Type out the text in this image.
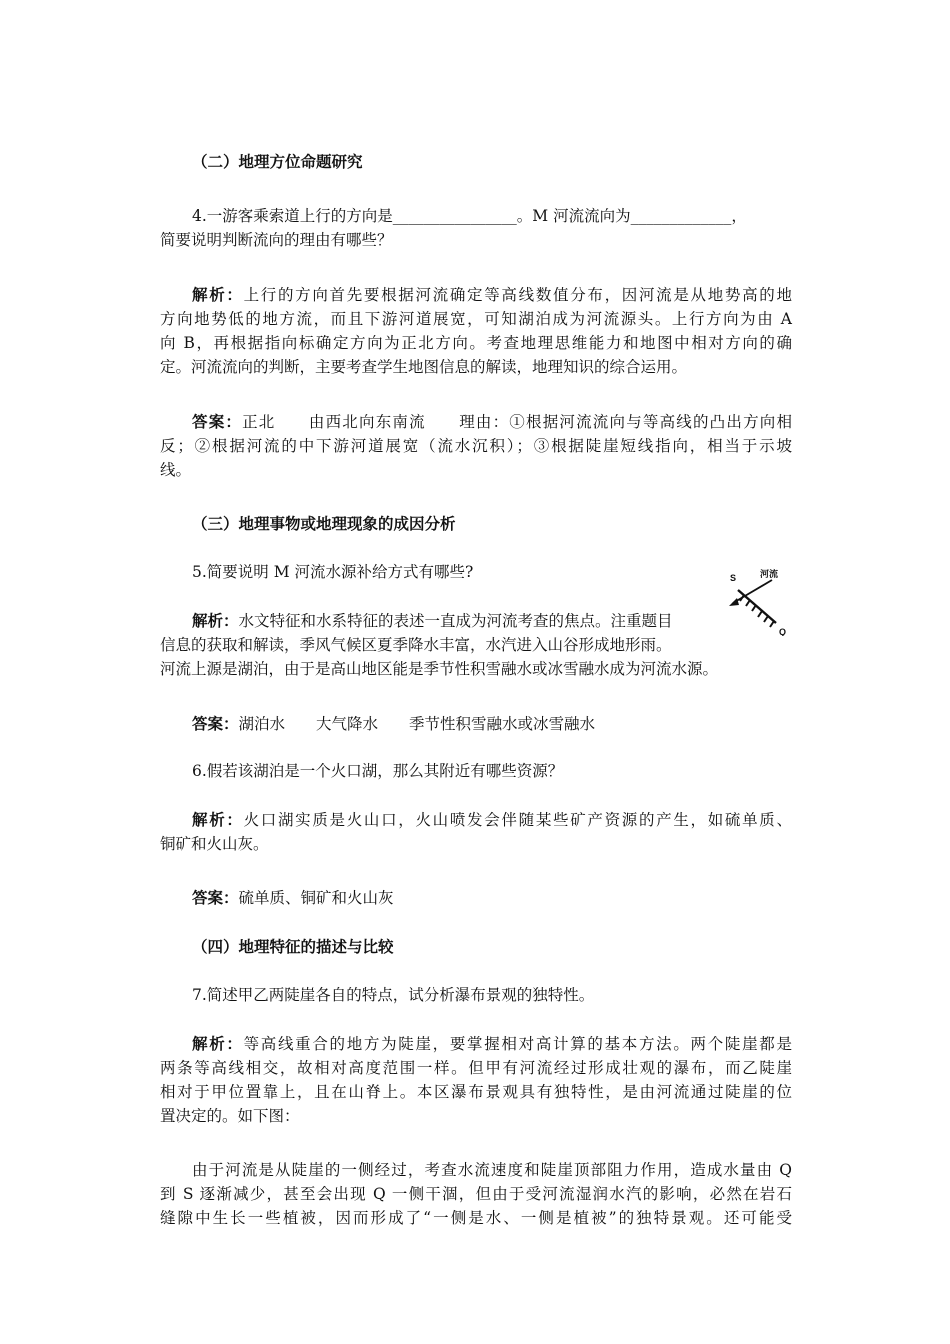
（二）地理方位命题研究
4.一游客乘索道上行的方向是________________。M 河流流向为_____________，
简要说明判断流向的理由有哪些？
解析：上行的方向首先要根据河流确定等高线数值分布，因河流是从地势高的地
方向地势低的地方流，而且下游河道展宽，可知湖泊成为河流源头。上行方向为由 A
向 B，再根据指向标确定方向为正北方向。考查地理思维能力和地图中相对方向的确
定。河流流向的判断，主要考查学生地图信息的解读，地理知识的综合运用。
答案：正北　　由西北向东南流　　理由：①根据河流流向与等高线的凸出方向相
反；②根据河流的中下游河道展宽（流水沉积）；③根据陡崖短线指向，相当于示坡
线。
（三）地理事物或地理现象的成因分析
5.简要说明 M 河流水源补给方式有哪些?
解析：水文特征和水系特征的表述一直成为河流考查的焦点。注重题目
信息的获取和解读，季风气候区夏季降水丰富，水汽进入山谷形成地形雨。
河流上源是湖泊，由于是高山地区能是季节性积雪融水或冰雪融水成为河流水源。
答案：湖泊水　　大气降水　　季节性积雪融水或冰雪融水
6.假若该湖泊是一个火口湖，那么其附近有哪些资源？
解析：火口湖实质是火山口，火山喷发会伴随某些矿产资源的产生，如硫单质、
铜矿和火山灰。
答案：硫单质、铜矿和火山灰
（四）地理特征的描述与比较
7.简述甲乙两陡崖各自的特点，试分析瀑布景观的独特性。
解析：等高线重合的地方为陡崖，要掌握相对高计算的基本方法。两个陡崖都是
两条等高线相交，故相对高度范围一样。但甲有河流经过形成壮观的瀑布，而乙陡崖
相对于甲位置靠上，且在山脊上。本区瀑布景观具有独特性，是由河流通过陡崖的位
置决定的。如下图：
由于河流是从陡崖的一侧经过，考查水流速度和陡崖顶部阻力作用，造成水量由 Q
到 S 逐渐减少，甚至会出现 Q 一侧干涸，但由于受河流湿润水汽的影响，必然在岩石
缝隙中生长一些植被，因而形成了“一侧是水、一侧是植被”的独特景观。还可能受
S
Q
河流
